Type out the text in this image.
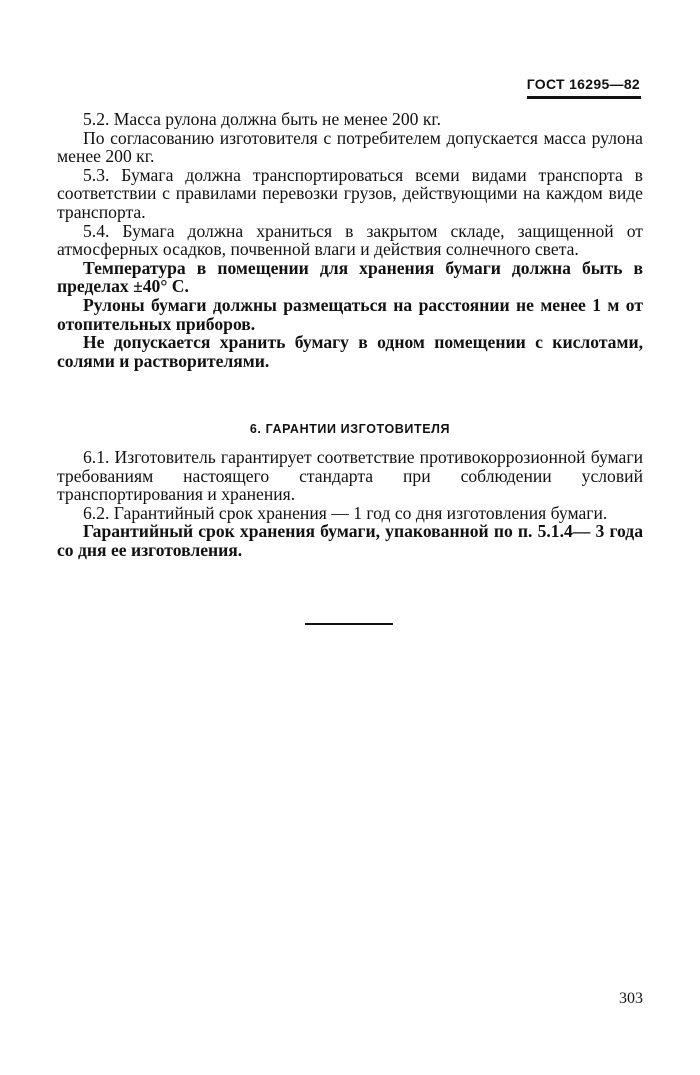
ГОСТ 16295—82

5.2. Масса рулона должна быть не менее 200 кг.

По согласованию изготовителя с потребителем допускается масса рулона менее 200 кг.

5.3. Бумага должна транспортироваться всеми видами транспорта в соответствии с правилами перевозки грузов, действующими на каждом виде транспорта.

5.4. Бумага должна храниться в закрытом складе, защищенной от атмосферных осадков, почвенной влаги и действия солнечного света.

Температура в помещении для хранения бумаги должна быть в пределах ±40° С.

Рулоны бумаги должны размещаться на расстоянии не менее 1 м от отопительных приборов.

Не допускается хранить бумагу в одном помещении с кислотами, солями и растворителями.

6. ГАРАНТИИ ИЗГОТОВИТЕЛЯ

6.1. Изготовитель гарантирует соответствие противокоррозионной бумаги требованиям настоящего стандарта при соблюдении условий транспортирования и хранения.

6.2. Гарантийный срок хранения — 1 год со дня изготовления бумаги.

Гарантийный срок хранения бумаги, упакованной по п. 5.1.4— 3 года со дня ее изготовления.

303
